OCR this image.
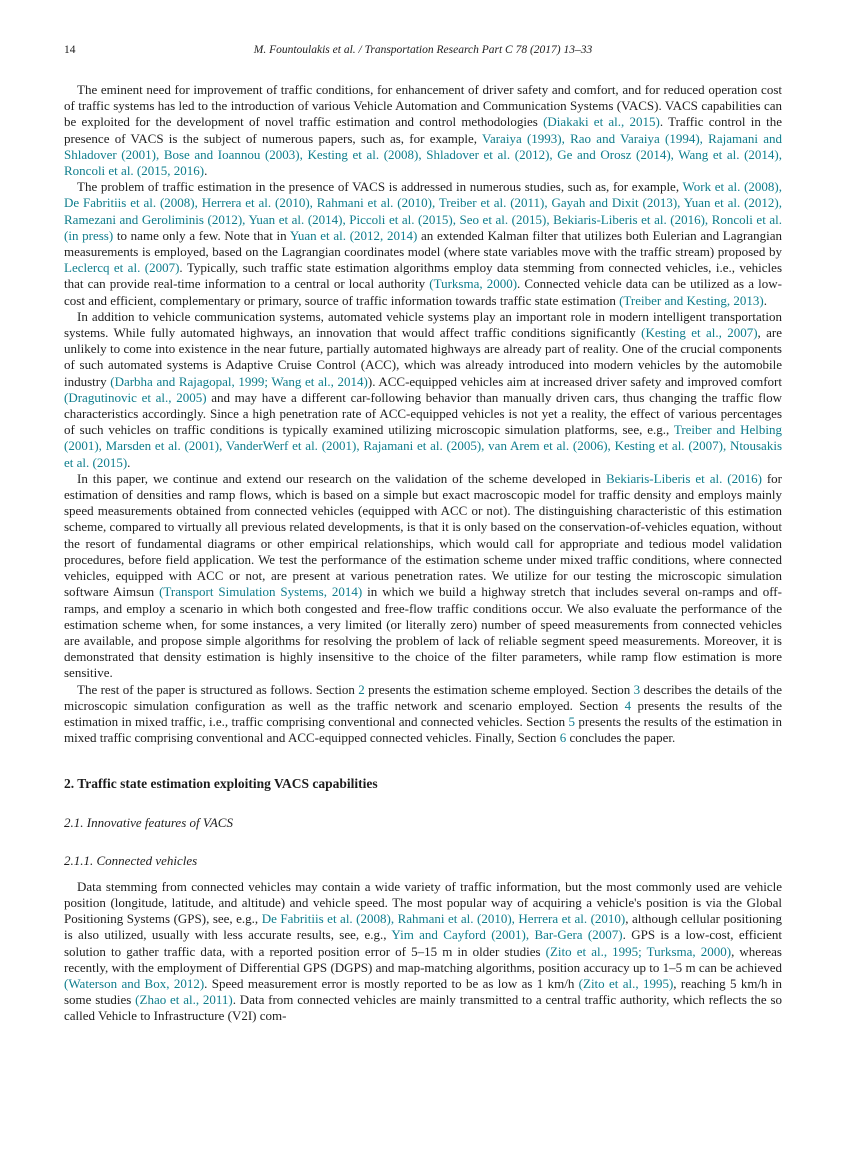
14	M. Fountoulakis et al. / Transportation Research Part C 78 (2017) 13–33

The eminent need for improvement of traffic conditions, for enhancement of driver safety and comfort, and for reduced operation cost of traffic systems has led to the introduction of various Vehicle Automation and Communication Systems (VACS). VACS capabilities can be exploited for the development of novel traffic estimation and control methodologies (Diakaki et al., 2015). Traffic control in the presence of VACS is the subject of numerous papers, such as, for example, Varaiya (1993), Rao and Varaiya (1994), Rajamani and Shladover (2001), Bose and Ioannou (2003), Kesting et al. (2008), Shladover et al. (2012), Ge and Orosz (2014), Wang et al. (2014), Roncoli et al. (2015, 2016).

The problem of traffic estimation in the presence of VACS is addressed in numerous studies, such as, for example, Work et al. (2008), De Fabritiis et al. (2008), Herrera et al. (2010), Rahmani et al. (2010), Treiber et al. (2011), Gayah and Dixit (2013), Yuan et al. (2012), Ramezani and Geroliminis (2012), Yuan et al. (2014), Piccoli et al. (2015), Seo et al. (2015), Bekiaris-Liberis et al. (2016), Roncoli et al. (in press) to name only a few. Note that in Yuan et al. (2012, 2014) an extended Kalman filter that utilizes both Eulerian and Lagrangian measurements is employed, based on the Lagrangian coordinates model (where state variables move with the traffic stream) proposed by Leclercq et al. (2007). Typically, such traffic state estimation algorithms employ data stemming from connected vehicles, i.e., vehicles that can provide real-time information to a central or local authority (Turksma, 2000). Connected vehicle data can be utilized as a low-cost and efficient, complementary or primary, source of traffic information towards traffic state estimation (Treiber and Kesting, 2013).

In addition to vehicle communication systems, automated vehicle systems play an important role in modern intelligent transportation systems. While fully automated highways, an innovation that would affect traffic conditions significantly (Kesting et al., 2007), are unlikely to come into existence in the near future, partially automated highways are already part of reality. One of the crucial components of such automated systems is Adaptive Cruise Control (ACC), which was already introduced into modern vehicles by the automobile industry (Darbha and Rajagopal, 1999; Wang et al., 2014)). ACC-equipped vehicles aim at increased driver safety and improved comfort (Dragutinovic et al., 2005) and may have a different car-following behavior than manually driven cars, thus changing the traffic flow characteristics accordingly. Since a high penetration rate of ACC-equipped vehicles is not yet a reality, the effect of various percentages of such vehicles on traffic conditions is typically examined utilizing microscopic simulation platforms, see, e.g., Treiber and Helbing (2001), Marsden et al. (2001), VanderWerf et al. (2001), Rajamani et al. (2005), van Arem et al. (2006), Kesting et al. (2007), Ntousakis et al. (2015).

In this paper, we continue and extend our research on the validation of the scheme developed in Bekiaris-Liberis et al. (2016) for estimation of densities and ramp flows, which is based on a simple but exact macroscopic model for traffic density and employs mainly speed measurements obtained from connected vehicles (equipped with ACC or not). The distinguishing characteristic of this estimation scheme, compared to virtually all previous related developments, is that it is only based on the conservation-of-vehicles equation, without the resort of fundamental diagrams or other empirical relationships, which would call for appropriate and tedious model validation procedures, before field application. We test the performance of the estimation scheme under mixed traffic conditions, where connected vehicles, equipped with ACC or not, are present at various penetration rates. We utilize for our testing the microscopic simulation software Aimsun (Transport Simulation Systems, 2014) in which we build a highway stretch that includes several on-ramps and off-ramps, and employ a scenario in which both congested and free-flow traffic conditions occur. We also evaluate the performance of the estimation scheme when, for some instances, a very limited (or literally zero) number of speed measurements from connected vehicles are available, and propose simple algorithms for resolving the problem of lack of reliable segment speed measurements. Moreover, it is demonstrated that density estimation is highly insensitive to the choice of the filter parameters, while ramp flow estimation is more sensitive.

The rest of the paper is structured as follows. Section 2 presents the estimation scheme employed. Section 3 describes the details of the microscopic simulation configuration as well as the traffic network and scenario employed. Section 4 presents the results of the estimation in mixed traffic, i.e., traffic comprising conventional and connected vehicles. Section 5 presents the results of the estimation in mixed traffic comprising conventional and ACC-equipped connected vehicles. Finally, Section 6 concludes the paper.

2. Traffic state estimation exploiting VACS capabilities
2.1. Innovative features of VACS
2.1.1. Connected vehicles

Data stemming from connected vehicles may contain a wide variety of traffic information, but the most commonly used are vehicle position (longitude, latitude, and altitude) and vehicle speed. The most popular way of acquiring a vehicle's position is via the Global Positioning Systems (GPS), see, e.g., De Fabritiis et al. (2008), Rahmani et al. (2010), Herrera et al. (2010), although cellular positioning is also utilized, usually with less accurate results, see, e.g., Yim and Cayford (2001), Bar-Gera (2007). GPS is a low-cost, efficient solution to gather traffic data, with a reported position error of 5–15 m in older studies (Zito et al., 1995; Turksma, 2000), whereas recently, with the employment of Differential GPS (DGPS) and map-matching algorithms, position accuracy up to 1–5 m can be achieved (Waterson and Box, 2012). Speed measurement error is mostly reported to be as low as 1 km/h (Zito et al., 1995), reaching 5 km/h in some studies (Zhao et al., 2011). Data from connected vehicles are mainly transmitted to a central traffic authority, which reflects the so called Vehicle to Infrastructure (V2I) com-
